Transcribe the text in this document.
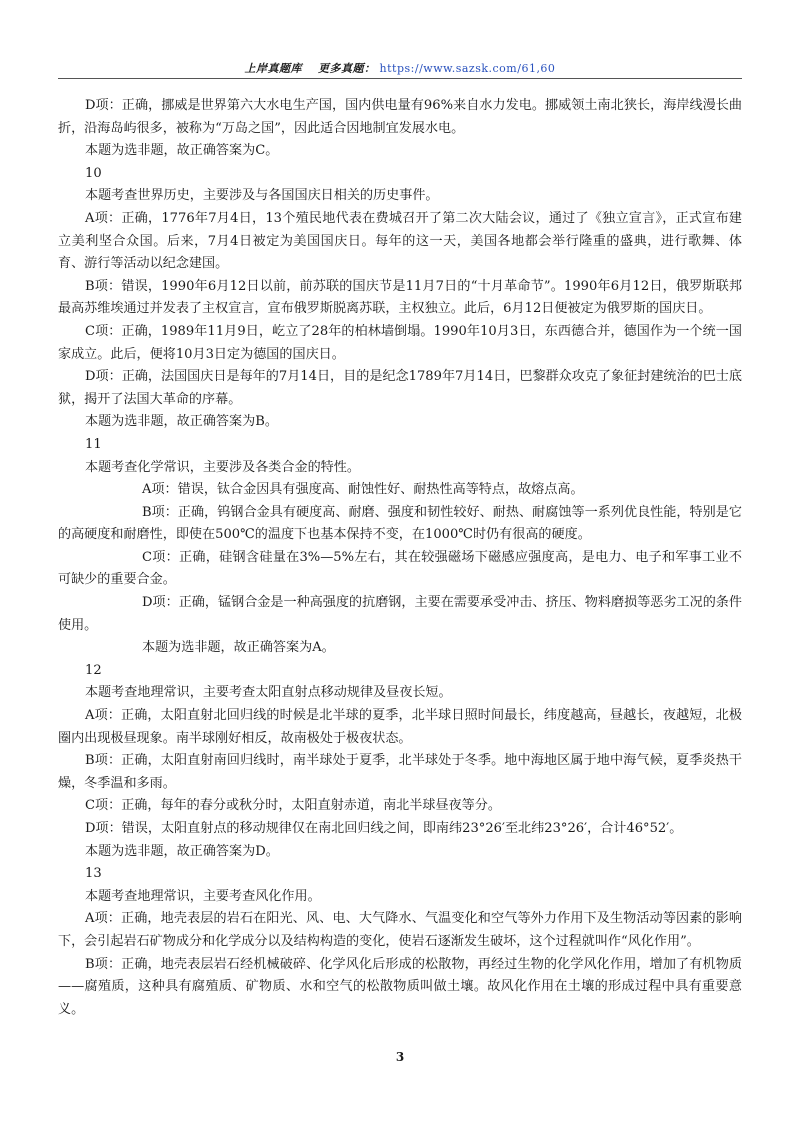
上岸真题库 更多真题： https://www.sazsk.com/61,60

D项：正确，挪威是世界第六大水电生产国，国内供电量有96%来自水力发电。挪威领土南北狭长，海岸线漫长曲折，沿海岛屿很多，被称为“万岛之国”，因此适合因地制宜发展水电。

本题为选非题，故正确答案为C。

10

本题考查世界历史，主要涉及与各国国庆日相关的历史事件。

A项：正确，1776年7月4日，13个殖民地代表在费城召开了第二次大陆会议，通过了《独立宣言》，正式宣布建立美利坚合众国。后来，7月4日被定为美国国庆日。每年的这一天，美国各地都会举行隆重的盛典，进行歌舞、体育、游行等活动以纪念建国。

B项：错误，1990年6月12日以前，前苏联的国庆节是11月7日的“十月革命节”。1990年6月12日，俄罗斯联邦最高苏维埃通过并发表了主权宣言，宣布俄罗斯脱离苏联，主权独立。此后，6月12日便被定为俄罗斯的国庆日。

C项：正确，1989年11月9日，屹立了28年的柏林墙倒塌。1990年10月3日，东西德合并，德国作为一个统一国家成立。此后，便将10月3日定为德国的国庆日。

D项：正确，法国国庆日是每年的7月14日，目的是纪念1789年7月14日，巴黎群众攻克了象征封建统治的巴士底狱，揭开了法国大革命的序幕。

本题为选非题，故正确答案为B。

11

本题考查化学常识，主要涉及各类合金的特性。

A项：错误，钛合金因具有强度高、耐蚀性好、耐热性高等特点，故熔点高。

B项：正确，钨钢合金具有硬度高、耐磨、强度和韧性较好、耐热、耐腐蚀等一系列优良性能，特别是它的高硬度和耐磨性，即使在500℃的温度下也基本保持不变，在1000℃时仍有很高的硬度。

C项：正确，硅钢含硅量在3%—5%左右，其在较强磁场下磁感应强度高，是电力、电子和军事工业不可缺少的重要合金。

D项：正确，锰钢合金是一种高强度的抗磨钢，主要在需要承受冲击、挤压、物料磨损等恶劣工况的条件使用。

本题为选非题，故正确答案为A。

12

本题考查地理常识，主要考查太阳直射点移动规律及昼夜长短。

A项：正确，太阳直射北回归线的时候是北半球的夏季，北半球日照时间最长，纬度越高，昼越长，夜越短，北极圈内出现极昼现象。南半球刚好相反，故南极处于极夜状态。

B项：正确，太阳直射南回归线时，南半球处于夏季，北半球处于冬季。地中海地区属于地中海气候，夏季炎热干燥，冬季温和多雨。

C项：正确，每年的春分或秋分时，太阳直射赤道，南北半球昼夜等分。

D项：错误，太阳直射点的移动规律仅在南北回归线之间，即南纬23°26′至北纬23°26′，合计46°52′。

本题为选非题，故正确答案为D。

13

本题考查地理常识，主要考查风化作用。

A项：正确，地壳表层的岩石在阳光、风、电、大气降水、气温变化和空气等外力作用下及生物活动等因素的影响下，会引起岩石矿物成分和化学成分以及结构构造的变化，使岩石逐渐发生破坏，这个过程就叫作“风化作用”。

B项：正确，地壳表层岩石经机械破碎、化学风化后形成的松散物，再经过生物的化学风化作用，增加了有机物质——腐殖质，这种具有腐殖质、矿物质、水和空气的松散物质叫做土壤。故风化作用在土壤的形成过程中具有重要意义。

3
